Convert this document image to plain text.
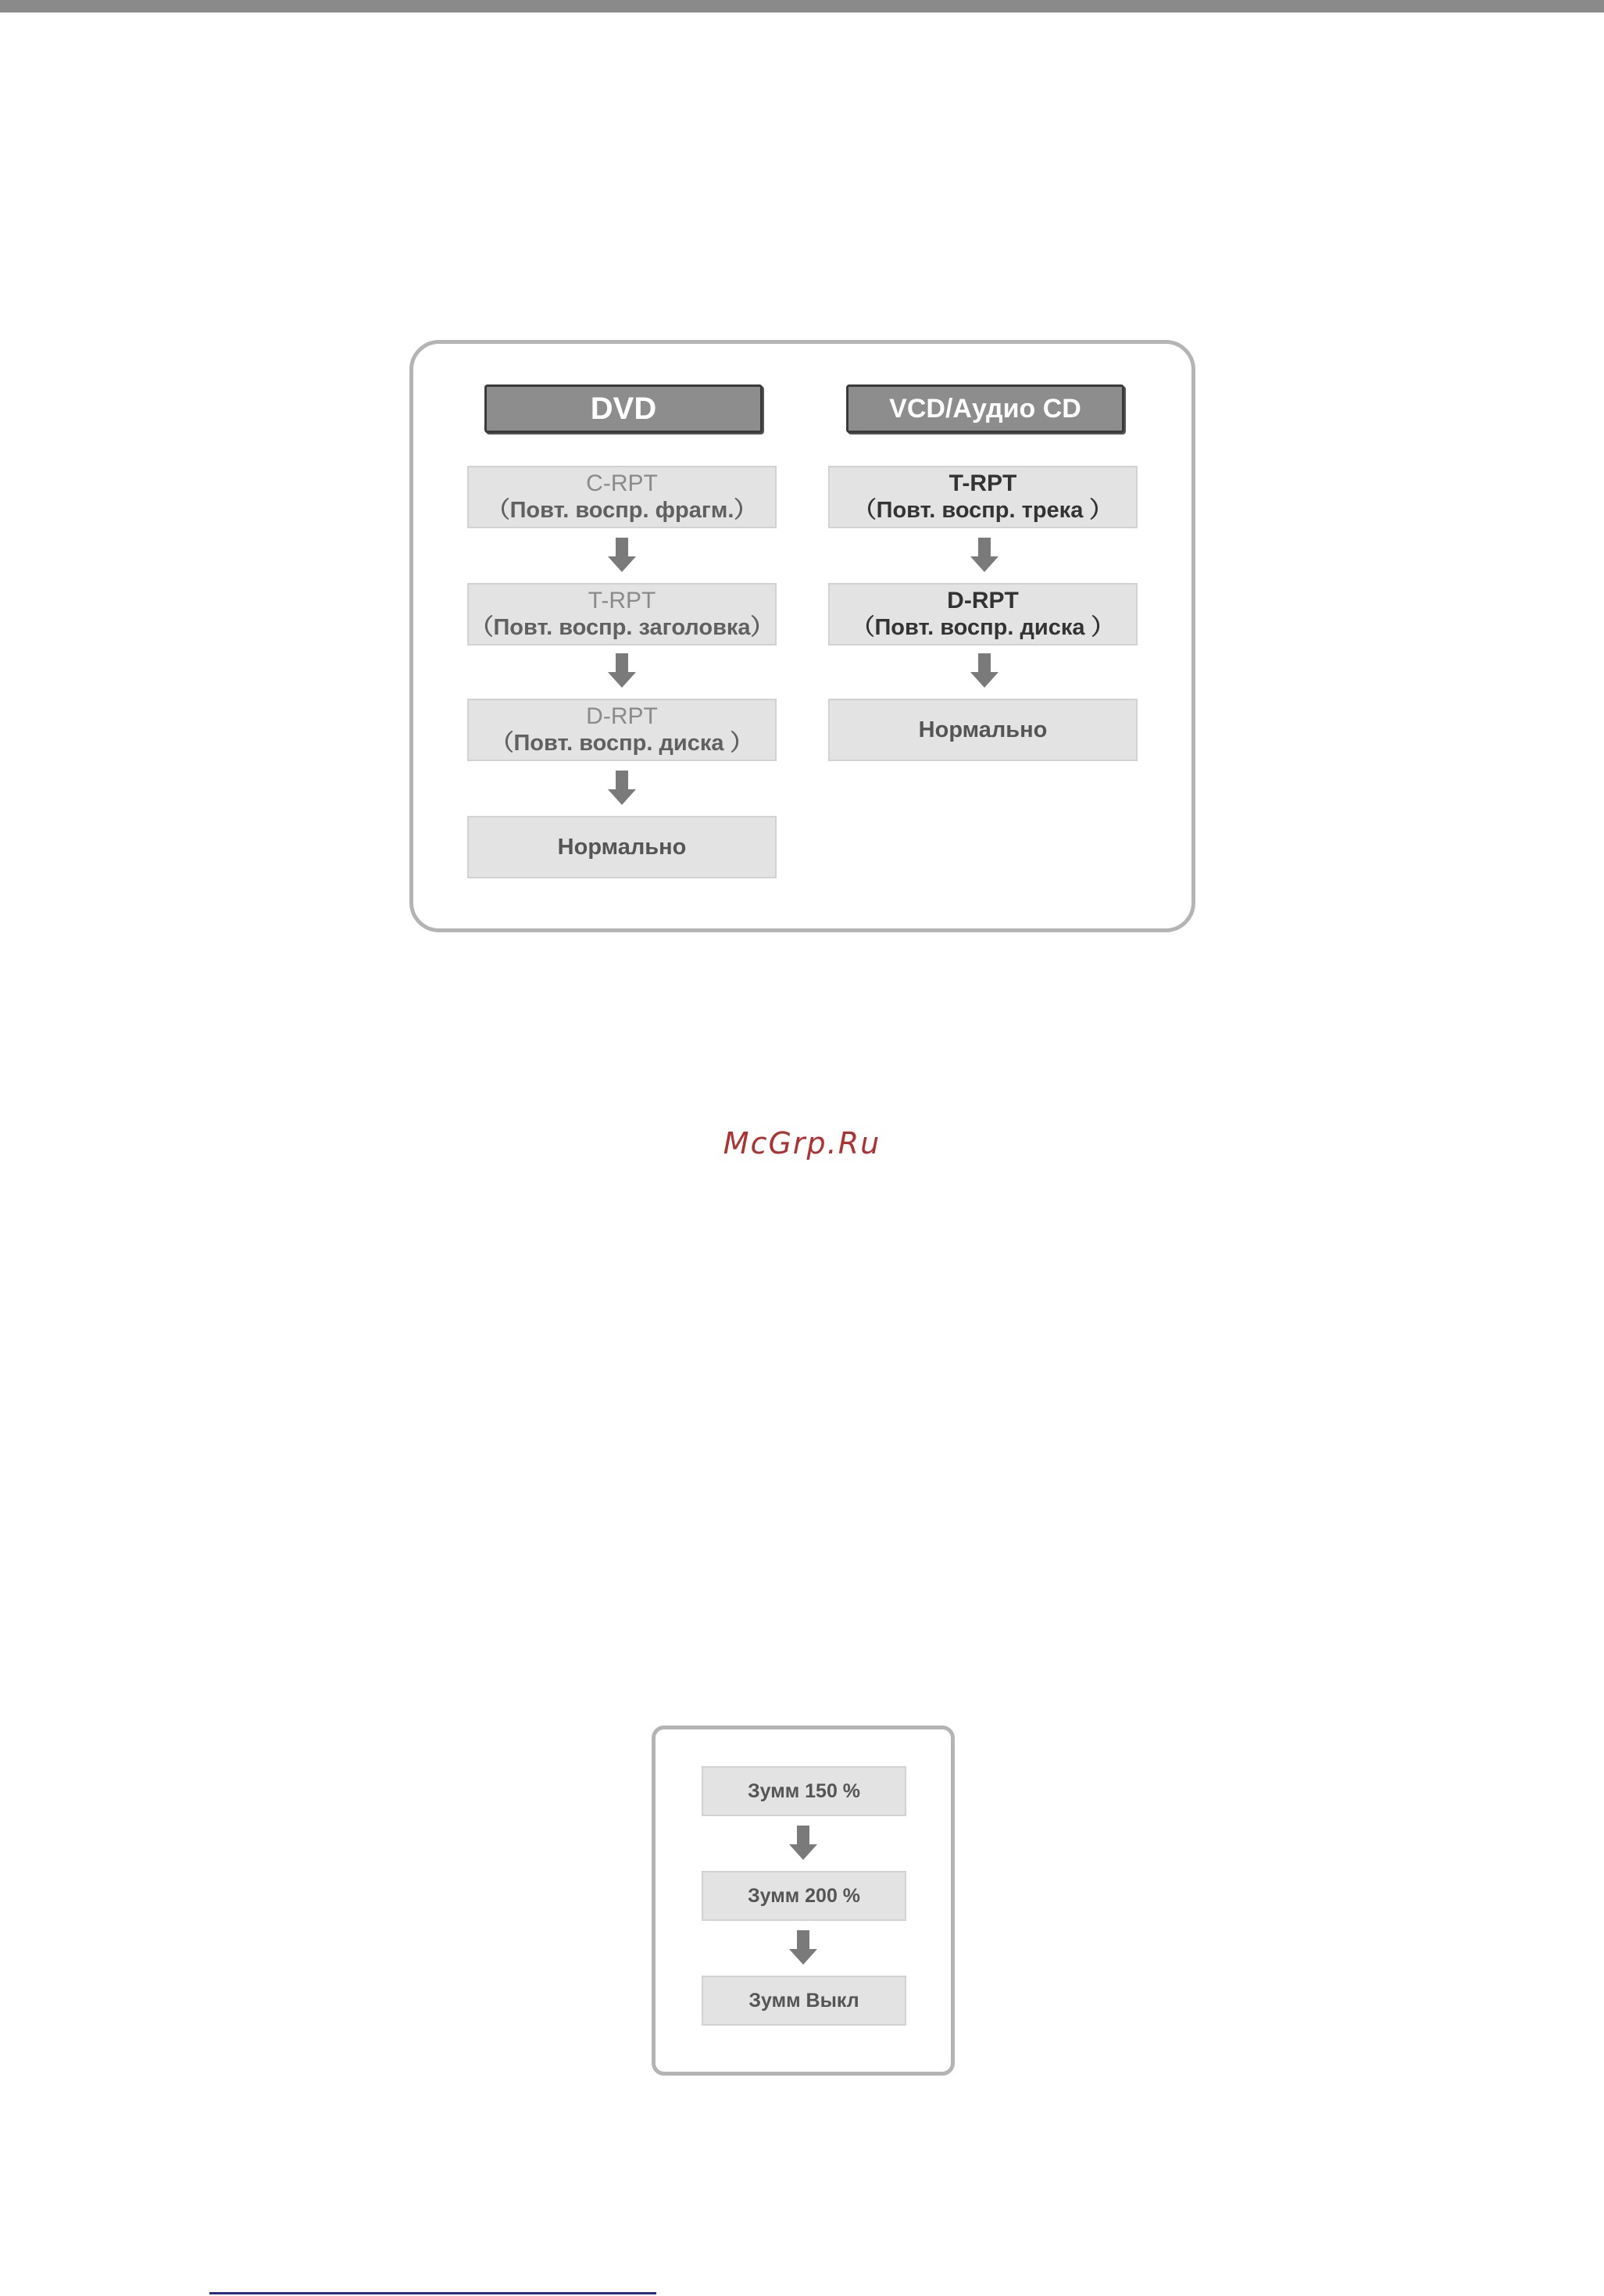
DVD	VCD/Аудио CD
C-RPT
（Повт. воспр. фрагм.）
T-RPT
（Повт. воспр. заголовка）
D-RPT
（Повт. воспр. диска ）
Нормально
T-RPT
（Повт. воспр. трека ）
D-RPT
（Повт. воспр. диска ）
Нормально
McGrp.Ru
Зумм 150 %
Зумм 200 %
Зумм Выкл
